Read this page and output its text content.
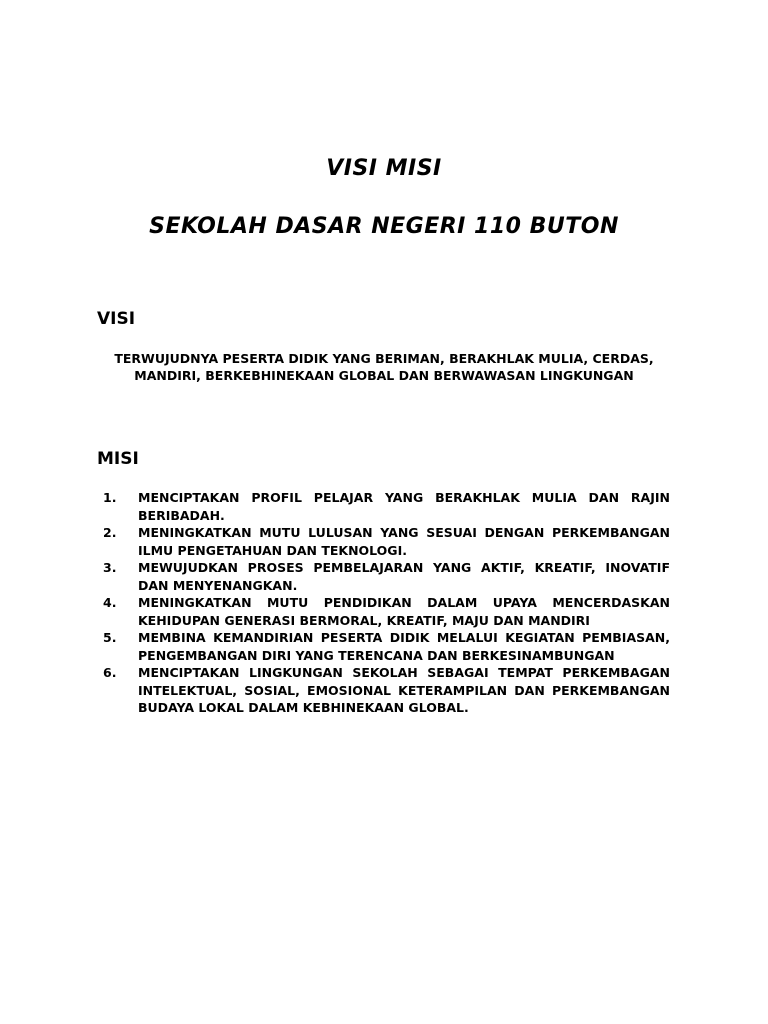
VISI MISI
SEKOLAH DASAR NEGERI 110 BUTON
VISI

TERWUJUDNYA PESERTA DIDIK YANG BERIMAN, BERAKHLAK MULIA, CERDAS, MANDIRI, BERKEBHINEKAAN GLOBAL DAN BERWAWASAN LINGKUNGAN

MISI
1.	MENCIPTAKAN PROFIL PELAJAR YANG BERAKHLAK MULIA DAN RAJIN BERIBADAH.
2.	MENINGKATKAN MUTU LULUSAN YANG SESUAI DENGAN PERKEMBANGAN ILMU PENGETAHUAN DAN TEKNOLOGI.
3.	MEWUJUDKAN PROSES PEMBELAJARAN YANG AKTIF, KREATIF, INOVATIF DAN MENYENANGKAN.
4.	MENINGKATKAN MUTU PENDIDIKAN DALAM UPAYA MENCERDASKAN KEHIDUPAN GENERASI BERMORAL, KREATIF, MAJU DAN MANDIRI
5.	MEMBINA KEMANDIRIAN PESERTA DIDIK MELALUI KEGIATAN PEMBIASAN, PENGEMBANGAN DIRI YANG TERENCANA DAN BERKESINAMBUNGAN
6.	MENCIPTAKAN LINGKUNGAN SEKOLAH SEBAGAI TEMPAT PERKEMBAGAN INTELEKTUAL, SOSIAL, EMOSIONAL KETERAMPILAN DAN PERKEMBANGAN BUDAYA LOKAL DALAM KEBHINEKAAN GLOBAL.
